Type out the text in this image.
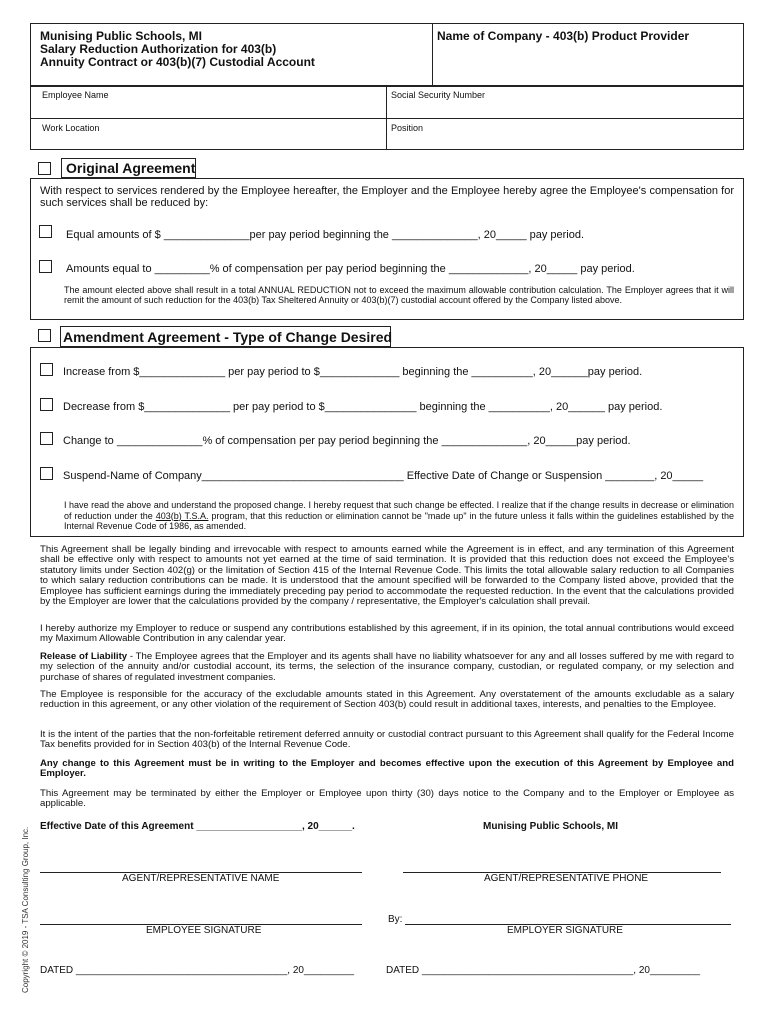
Munising Public Schools, MI
Salary Reduction Authorization for 403(b)
Annuity Contract or 403(b)(7) Custodial Account
Name of Company - 403(b) Product Provider
Employee Name	Social Security Number
Work Location	Position
Original Agreement
With respect to services rendered by the Employee hereafter, the Employer and the Employee hereby agree the Employee's compensation for such services shall be reduced by:
Equal amounts of $ ______________per pay period beginning the ______________, 20_____ pay period.
Amounts equal to _________% of compensation per pay period beginning the _____________, 20_____ pay period.
The amount elected above shall result in a total ANNUAL REDUCTION not to exceed the maximum allowable contribution calculation. The Employer agrees that it will remit the amount of such reduction for the 403(b) Tax Sheltered Annuity or 403(b)(7) custodial account offered by the Company listed above.
Amendment Agreement - Type of Change Desired
Increase from $______________ per pay period to $_____________ beginning the __________, 20______pay period.
Decrease from $______________ per pay period to $_______________ beginning the __________, 20______ pay period.
Change to ______________% of compensation per pay period beginning the ______________, 20_____pay period.
Suspend-Name of Company_________________________________ Effective Date of Change or Suspension ________, 20_____
I have read the above and understand the proposed change. I hereby request that such change be effected. I realize that if the change results in decrease or elimination of reduction under the 403(b) T.S.A. program, that this reduction or elimination cannot be "made up" in the future unless it falls within the guidelines established by the Internal Revenue Code of 1986, as amended.
This Agreement shall be legally binding and irrevocable with respect to amounts earned while the Agreement is in effect, and any termination of this Agreement shall be effective only with respect to amounts not yet earned at the time of said termination. It is provided that this reduction does not exceed the Employee's statutory limits under Section 402(g) or the limitation of Section 415 of the Internal Revenue Code. This limits the total allowable salary reduction to all Companies to which salary reduction contributions can be made. It is understood that the amount specified will be forwarded to the Company listed above, provided that the Employee has sufficient earnings during the immediately preceding pay period to accommodate the requested reduction. In the event that the calculations provided by the Employer are lower that the calculations provided by the company / representative, the Employer's calculation shall prevail.
I hereby authorize my Employer to reduce or suspend any contributions established by this agreement, if in its opinion, the total annual contributions would exceed my Maximum Allowable Contribution in any calendar year.
Release of Liability - The Employee agrees that the Employer and its agents shall have no liability whatsoever for any and all losses suffered by me with regard to my selection of the annuity and/or custodial account, its terms, the selection of the insurance company, custodian, or regulated company, or my selection and purchase of shares of regulated investment companies.
The Employee is responsible for the accuracy of the excludable amounts stated in this Agreement. Any overstatement of the amounts excludable as a salary reduction in this agreement, or any other violation of the requirement of Section 403(b) could result in additional taxes, interests, and penalties to the Employee.
It is the intent of the parties that the non-forfeitable retirement deferred annuity or custodial contract pursuant to this Agreement shall qualify for the Federal Income Tax benefits provided for in Section 403(b) of the Internal Revenue Code.
Any change to this Agreement must be in writing to the Employer and becomes effective upon the execution of this Agreement by Employee and Employer.
This Agreement may be terminated by either the Employer or Employee upon thirty (30) days notice to the Company and to the Employer or Employee as applicable.
Effective Date of this Agreement ___________________, 20______.	Munising Public Schools, MI
AGENT/REPRESENTATIVE NAME	AGENT/REPRESENTATIVE PHONE
By:
EMPLOYEE SIGNATURE	EMPLOYER SIGNATURE
DATED ______________________________________, 20_________	DATED ______________________________________, 20_________
Copyright © 2019 - TSA Consulting Group, Inc.
